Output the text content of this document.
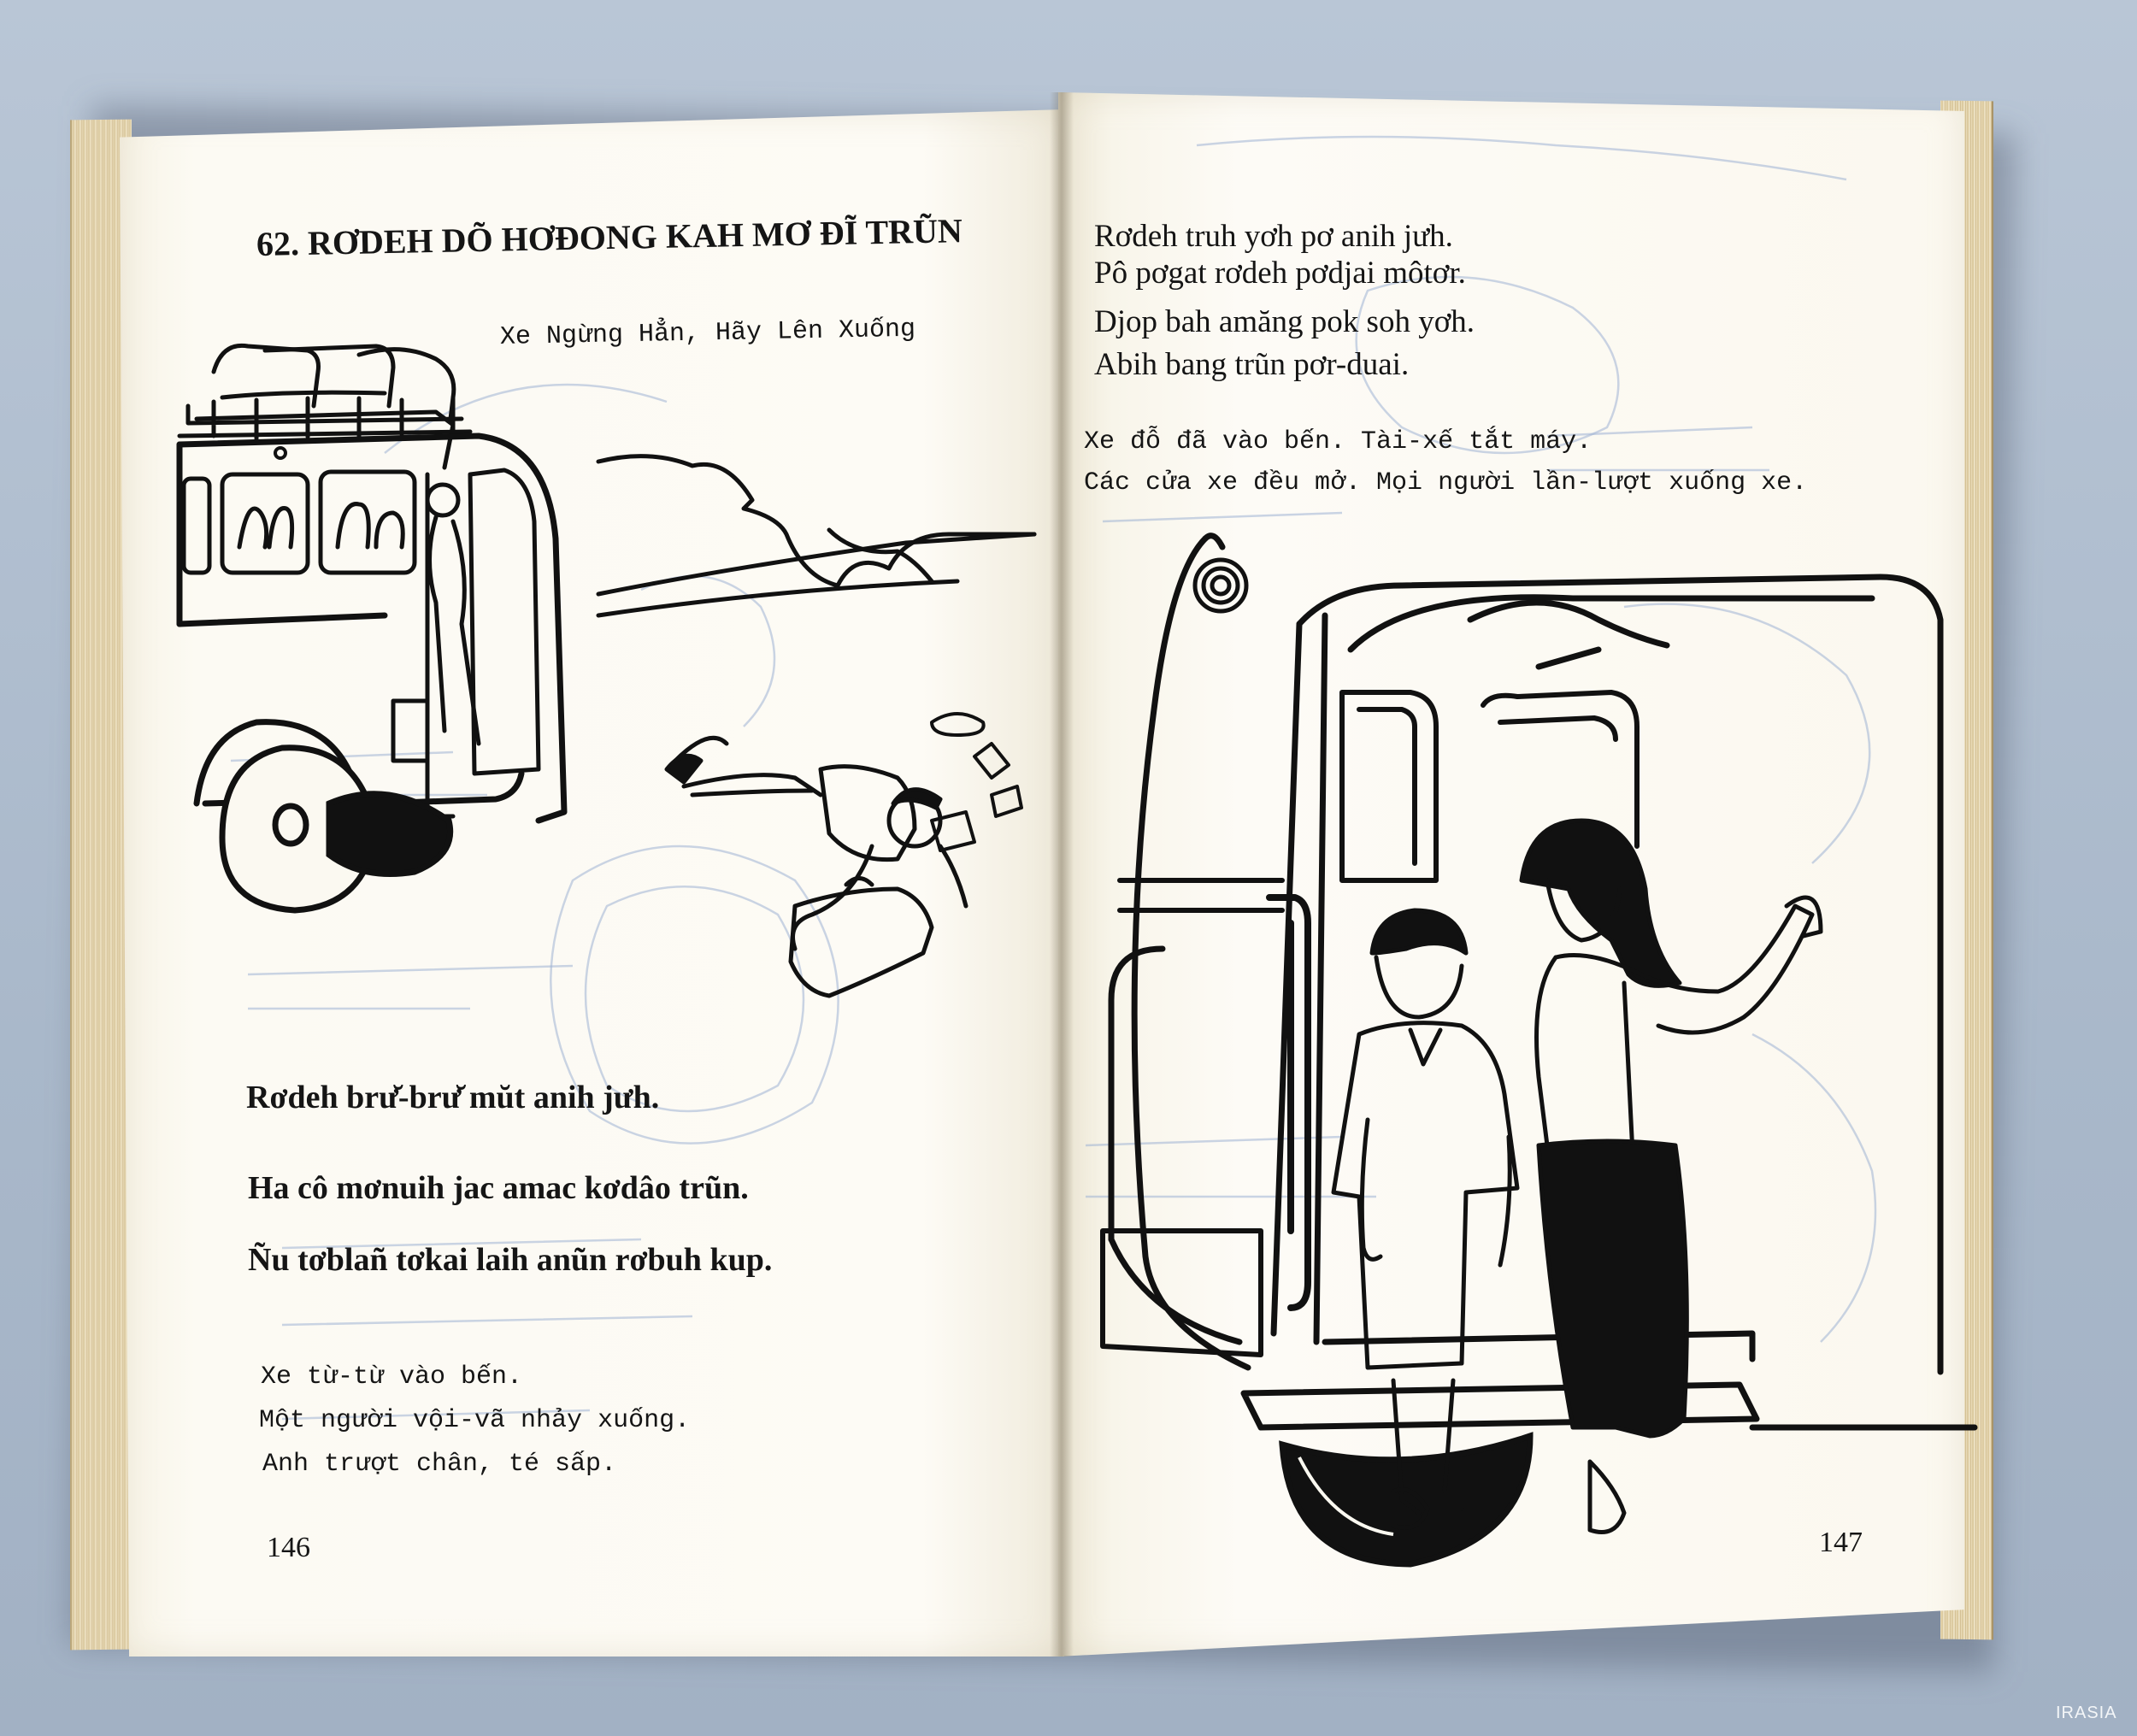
62. RƠDEH DÕ HƠĐONG KAH MƠ ĐĨ TRŨN
Xe Ngừng Hẳn, Hãy Lên Xuống
Rơdeh brư̆-brư̆ mŭt anih jưh.
Ha cô mơnuih jac amac kơdâo trũn.
Ñu tơblañ tơkai laih anũn rơbuh kup.
Xe từ-từ vào bến.
Một người vội-vã nhảy xuống.
Anh trượt chân, té sấp.
146
Rơdeh truh yơh pơ anih jưh.
Pô pơgat rơdeh pơdjai môtơr.
Djop bah amăng pok soh yơh.
Abih bang trũn pơr-duai.
Xe đỗ đã vào bến. Tài-xế tắt máy.
Các cửa xe đều mở. Mọi người lần-lượt xuống xe.
147
IRASIA
